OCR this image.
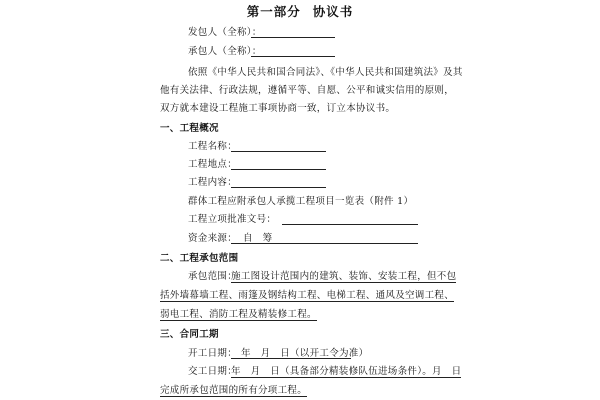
第一部分 协议书
发包人（全称）：
承包人（全称）：
依照《中华人民共和国合同法》、《中华人民共和国建筑法》及其
他有关法律、行政法规，遵循平等、自愿、公平和诚实信用的原则，
双方就本建设工程施工事项协商一致，订立本协议书。
一、工程概况
工程名称：
工程地点：
工程内容：
群体工程应附承包人承揽工程项目一览表（附件 1）
工程立项批准文号：
资金来源： 自　筹
二、工程承包范围
承包范围：
施工图设计范围内的建筑、装饰、安装工程，但不包
括外墙幕墙工程、雨篷及钢结构工程、电梯工程、通风及空调工程、
弱电工程、消防工程及精装修工程。
三、合同工期
开工日期： 年　月　日（以开工令为准）
交工日期：
年　月　日（具备部分精装修队伍进场条件）。月　日
完成所承包范围的所有分项工程。
